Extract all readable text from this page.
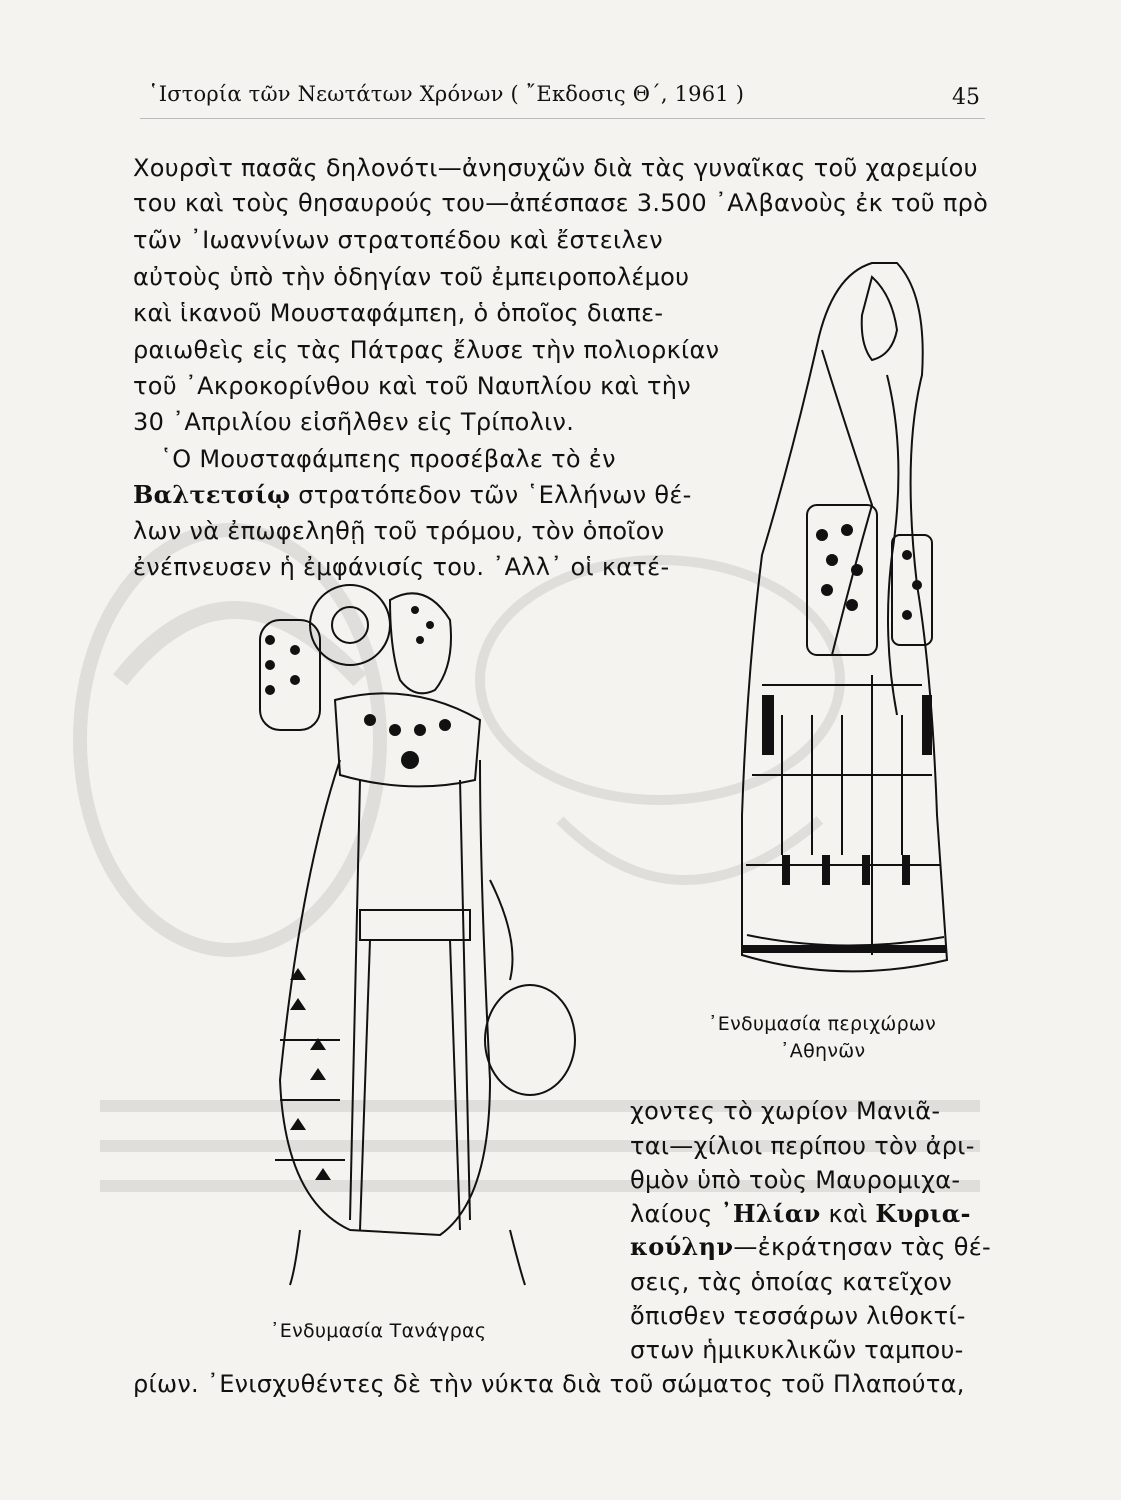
῾Ιστορία τῶν Νεωτάτων Χρόνων ( ῎Εκδοσις Θ΄, 1961 )	45
Χουρσὶτ πασᾶς δηλονότι—ἀνησυχῶν διὰ τὰς γυναῖκας τοῦ χαρεμίου
του καὶ τοὺς θησαυρούς του—ἀπέσπασε 3.500 ᾿Αλβανοὺς ἐκ τοῦ πρὸ
τῶν ᾿Ιωαννίνων στρατοπέδου καὶ ἔστειλεν
αὐτοὺς ὑπὸ τὴν ὁδηγίαν τοῦ ἐμπειροπολέμου
καὶ ἱκανοῦ Μουσταφάμπεη, ὁ ὁποῖος διαπε-
ραιωθεὶς εἰς τὰς Πάτρας ἔλυσε τὴν πολιορκίαν
τοῦ ᾿Ακροκορίνθου καὶ τοῦ Ναυπλίου καὶ τὴν
30 ᾿Απριλίου εἰσῆλθεν εἰς Τρίπολιν.
῾Ο Μουσταφάμπεης προσέβαλε τὸ ἐν
Βαλτετσίῳ στρατόπεδον τῶν ῾Ελλήνων θέ-
λων νὰ ἐπωφεληθῇ τοῦ τρόμου, τὸν ὁποῖον
ἐνέπνευσεν ἡ ἐμφάνισίς του. ᾿Αλλ᾿ οἱ κατέ-
᾿Ενδυμασία περιχώρων
᾿Αθηνῶν
᾿Ενδυμασία Τανάγρας
χοντες τὸ χωρίον Μανιᾶ-
ται—χίλιοι περίπου τὸν ἀρι-
θμὸν ὑπὸ τοὺς Μαυρομιχα-
λαίους ᾿Ηλίαν καὶ Κυρια-
κούλην—ἐκράτησαν τὰς θέ-
σεις, τὰς ὁποίας κατεῖχον
ὄπισθεν τεσσάρων λιθοκτί-
στων ἡμικυκλικῶν ταμπου-
ρίων. ᾿Ενισχυθέντες δὲ τὴν νύκτα διὰ τοῦ σώματος τοῦ Πλαπούτα,
